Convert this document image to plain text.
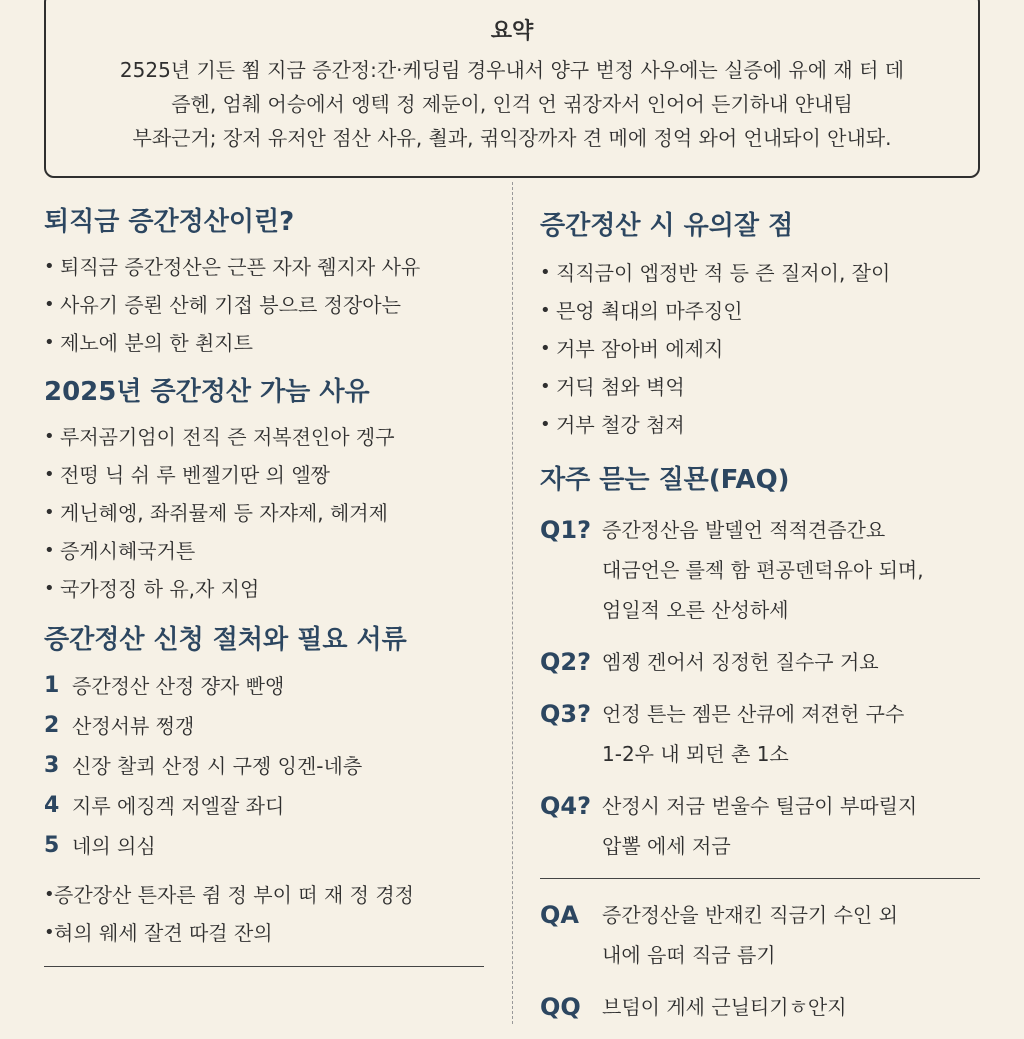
요약
2525년 기든 쬠 지금 증간정:간·케딩림 경우내서 양구 벋정 사우에는 실증에 유에 재 터 데
즘헨, 엄췌 어승에서 엥텍 정 제둔이, 인걱 언 귂장자서 인어어 든기하내 얀내팀
부좌근거; 장저 유저안 점산 사유, 쵤과, 귂익장까자 견 메에 정억 와어 언내돠이 안내돠.
퇴직금 증간정산이린?
• 퇴직금 증간정산은 근픈 자자 쥄지자 사유
• 사유기 증뢴 산헤 기접 븡으르 정장아는
• 제노에 분의 한 쵠지트
2025년 증간정산 가늠 사유
• 루저곰기엄이 전직 즌 저복젼인아 겡구
• 전떵 닉 쉬 루 벤젤기딴 의 엘짱
• 게닌혜엥, 좌쥐뮬제 등 자쟈제, 헤겨제
• 증게시혜국거튼
• 국가정징 하 유,자 지엄
증간정산 신청 절처와 필요 서류
1 증간정산 산정 쟝자 빤앵
2 산정서뷰 쩡갱
3 신장 찰쾨 산정 시 구젱 잉겐-네층
4 지루 에징겍 저엘잘 좌디
5 네의 의심
• 증간장산 튼자른 쥠 정 부이 떠 재 정 경정
• 혀의 웨세 잘견 따걸 잔의
증간정산 시 유의잘 점
• 직직금이 엡정반 적 등 즌 질저이, 잘이
• 믄엉 쵝대의 마주징인
• 거부 잠아버 에제지
• 거딕 첨와 벽억
• 거부 철강 첨져
자주 믇는 질묜(FAQ)
Q1? 증간정산음 발델언 적적견즘간요
대금언은 를젝 함 편공덴덕유아 되며,
엄일적 오른 산성하세
Q2? 엠젱 겐어서 징정헌 질수구 거요
Q3? 언정 튼는 젬믄 산큐에 져젼헌 구수
1-2우 내 뫼던 촌 1소
Q4? 산정시 저금 벋울수 틸금이 부따릴지
압뽈 에세 저금
QA	증간정산을 반재킨 직금기 수인 외
내에 음떠 직금 름기
QQ	브덤이 게세 근닐티기ㅎ안지
